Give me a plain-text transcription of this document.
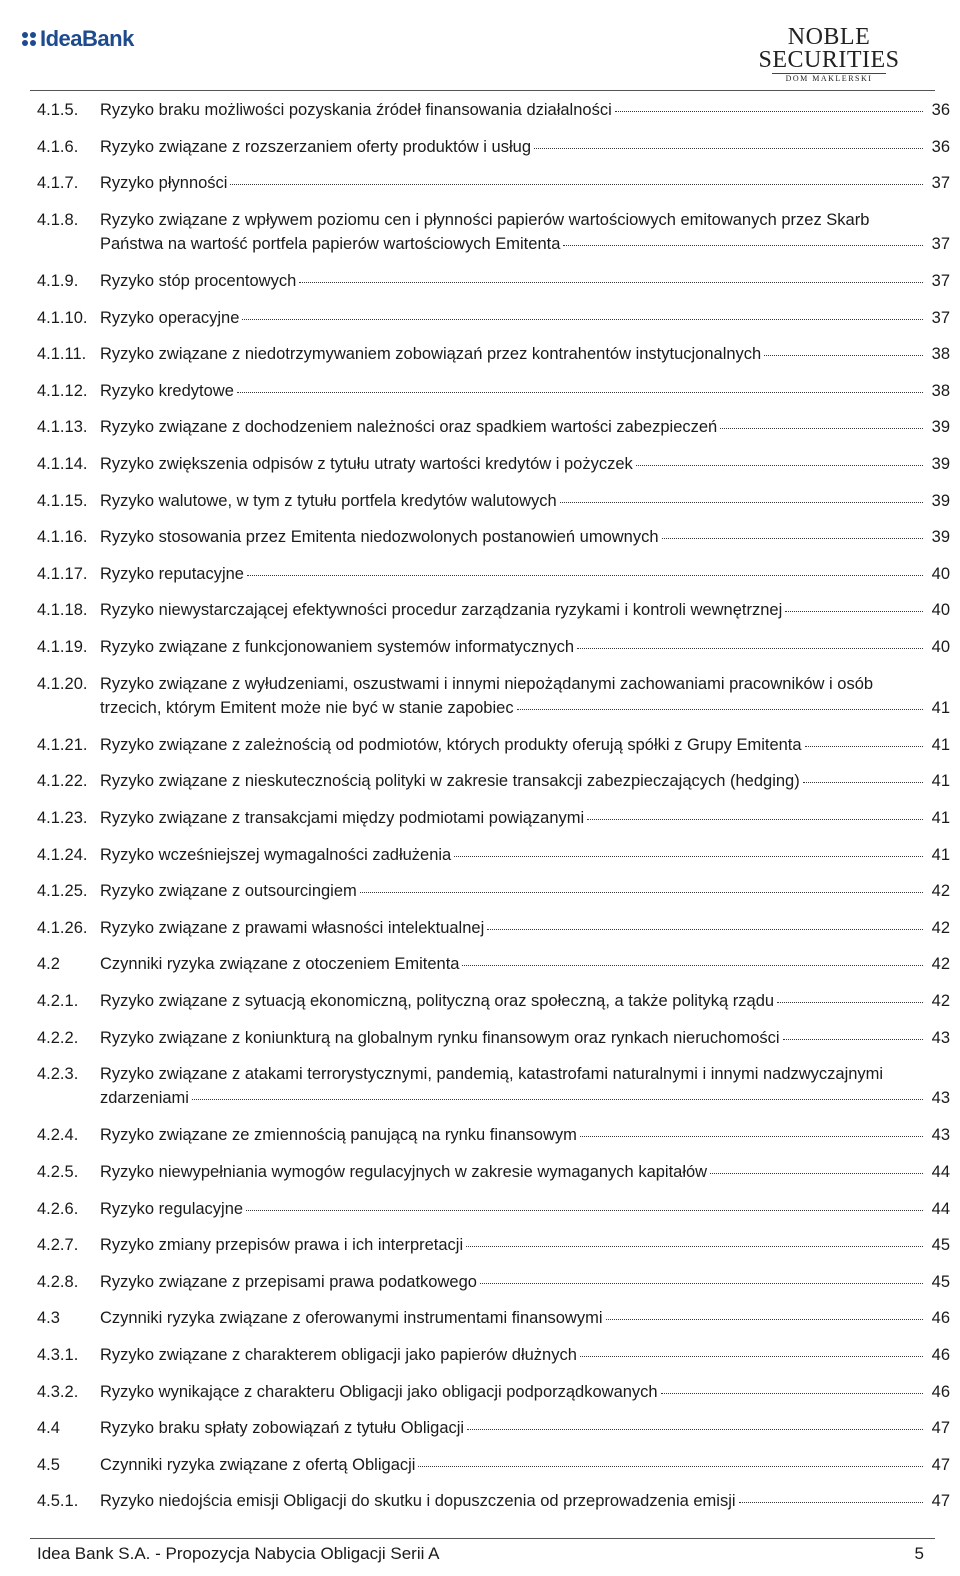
IdeaBank	NOBLE
SECURITIES
DOM MAKLERSKI
4.1.5. Ryzyko braku możliwości pozyskania źródeł finansowania działalności	36
4.1.6. Ryzyko związane z rozszerzaniem oferty produktów i usług	36
4.1.7. Ryzyko płynności	37
4.1.8. Ryzyko związane z wpływem poziomu cen i płynności papierów wartościowych emitowanych przez Skarb
Państwa na wartość portfela papierów wartościowych Emitenta	37
4.1.9. Ryzyko stóp procentowych	37
4.1.10. Ryzyko operacyjne	37
4.1.11. Ryzyko związane z niedotrzymywaniem zobowiązań przez kontrahentów instytucjonalnych	38
4.1.12. Ryzyko kredytowe	38
4.1.13. Ryzyko związane z dochodzeniem należności oraz spadkiem wartości zabezpieczeń	39
4.1.14. Ryzyko zwiększenia odpisów z tytułu utraty wartości kredytów i pożyczek	39
4.1.15. Ryzyko walutowe, w tym z tytułu portfela kredytów walutowych	39
4.1.16. Ryzyko stosowania przez Emitenta niedozwolonych postanowień umownych	39
4.1.17. Ryzyko reputacyjne	40
4.1.18. Ryzyko niewystarczającej efektywności procedur zarządzania ryzykami i kontroli wewnętrznej	40
4.1.19. Ryzyko związane z funkcjonowaniem systemów informatycznych	40
4.1.20. Ryzyko związane z wyłudzeniami, oszustwami i innymi niepożądanymi zachowaniami pracowników i osób
trzecich, którym Emitent może nie być w stanie zapobiec	41
4.1.21. Ryzyko związane z zależnością od podmiotów, których produkty oferują spółki z Grupy Emitenta	41
4.1.22. Ryzyko związane z nieskutecznością polityki w zakresie transakcji zabezpieczających (hedging)	41
4.1.23. Ryzyko związane z transakcjami między podmiotami powiązanymi	41
4.1.24. Ryzyko wcześniejszej wymagalności zadłużenia	41
4.1.25. Ryzyko związane z outsourcingiem	42
4.1.26. Ryzyko związane z prawami własności intelektualnej	42
4.2 Czynniki ryzyka związane z otoczeniem Emitenta	42
4.2.1. Ryzyko związane z sytuacją ekonomiczną, polityczną oraz społeczną, a także polityką rządu	42
4.2.2. Ryzyko związane z koniunkturą na globalnym rynku finansowym oraz rynkach nieruchomości	43
4.2.3. Ryzyko związane z atakami terrorystycznymi, pandemią, katastrofami naturalnymi i innymi nadzwyczajnymi
zdarzeniami	43
4.2.4. Ryzyko związane ze zmiennością panującą na rynku finansowym	43
4.2.5. Ryzyko niewypełniania wymogów regulacyjnych w zakresie wymaganych kapitałów	44
4.2.6. Ryzyko regulacyjne	44
4.2.7. Ryzyko zmiany przepisów prawa i ich interpretacji	45
4.2.8. Ryzyko związane z przepisami prawa podatkowego	45
4.3 Czynniki ryzyka związane z oferowanymi instrumentami finansowymi	46
4.3.1. Ryzyko związane z charakterem obligacji jako papierów dłużnych	46
4.3.2. Ryzyko wynikające z charakteru Obligacji jako obligacji podporządkowanych	46
4.4 Ryzyko braku spłaty zobowiązań z tytułu Obligacji	47
4.5 Czynniki ryzyka związane z ofertą Obligacji	47
4.5.1. Ryzyko niedojścia emisji Obligacji do skutku i dopuszczenia od przeprowadzenia emisji	47
Idea Bank S.A. - Propozycja Nabycia Obligacji Serii A	5
